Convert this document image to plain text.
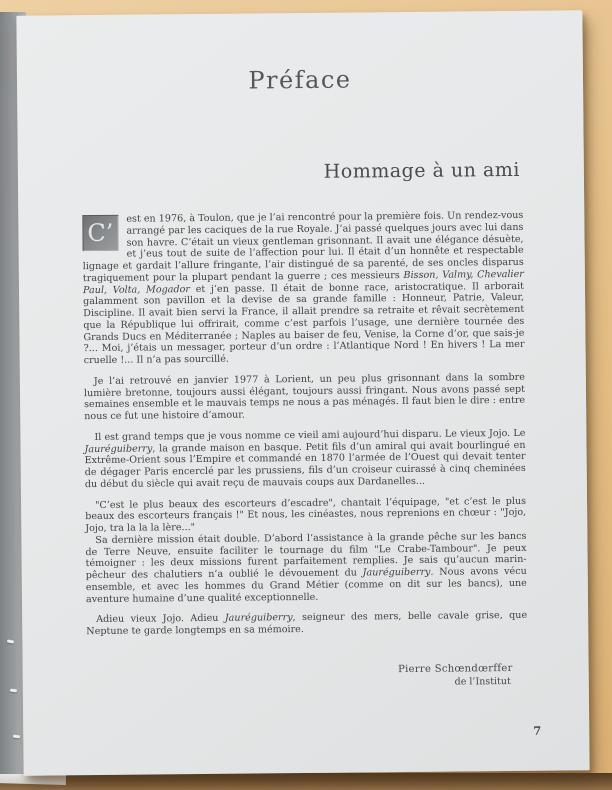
Préface
Hommage à un ami

C’
est en 1976, à Toulon, que je l’ai rencontré pour la première fois. Un rendez-vous arrangé par les caciques de la rue Royale. J’ai passé quelques jours avec lui dans son havre. C’était un vieux gentleman grisonnant. Il avait une élégance désuète, et j’eus tout de suite de l’affection pour lui. Il était d’un honnête et respectable lignage et gardait l’allure fringante, l’air distingué de sa parenté, de ses oncles disparus tragiquement pour la plupart pendant la guerre ; ces messieurs Bisson, Valmy, Chevalier Paul, Volta, Mogador et j’en passe. Il était de bonne race, aristocratique. Il arborait galamment son pavillon et la devise de sa grande famille : Honneur, Patrie, Valeur, Discipline. Il avait bien servi la France, il allait prendre sa retraite et rêvait secrètement que la République lui offrirait, comme c’est parfois l’usage, une dernière tournée des Grands Ducs en Méditerranée ; Naples au baiser de feu, Venise, la Corne d’or, que sais-je ?... Moi, j’étais un messager, porteur d’un ordre : l’Atlantique Nord ! En hivers ! La mer cruelle !... Il n’a pas sourcillé.

Je l’ai retrouvé en janvier 1977 à Lorient, un peu plus grisonnant dans la sombre lumière bretonne, toujours aussi élégant, toujours aussi fringant. Nous avons passé sept semaines ensemble et le mauvais temps ne nous a pas ménagés. Il faut bien le dire : entre nous ce fut une histoire d’amour.

Il est grand temps que je vous nomme ce vieil ami aujourd’hui disparu. Le vieux Jojo. Le Jauréguiberry, la grande maison en basque. Petit fils d’un amiral qui avait bourlingué en Extrême-Orient sous l’Empire et commandé en 1870 l’armée de l’Ouest qui devait tenter de dégager Paris encerclé par les prussiens, fils d’un croiseur cuirassé à cinq cheminées du début du siècle qui avait reçu de mauvais coups aux Dardanelles...

"C’est le plus beaux des escorteurs d’escadre", chantait l’équipage, "et c’est le plus beaux des escorteurs français !" Et nous, les cinéastes, nous reprenions en chœur : "Jojo, Jojo, tra la la la lère..."

Sa dernière mission était double. D’abord l’assistance à la grande pêche sur les bancs de Terre Neuve, ensuite faciliter le tournage du film "Le Crabe-Tambour". Je peux témoigner : les deux missions furent parfaitement remplies. Je sais qu’aucun marin-pêcheur des chalutiers n’a oublié le dévouement du Jauréguiberry. Nous avons vécu ensemble, et avec les hommes du Grand Métier (comme on dit sur les bancs), une aventure humaine d’une qualité exceptionnelle.

Adieu vieux Jojo. Adieu Jauréguiberry, seigneur des mers, belle cavale grise, que Neptune te garde longtemps en sa mémoire.

Pierre Schœndœrffer
de l’Institut
7
